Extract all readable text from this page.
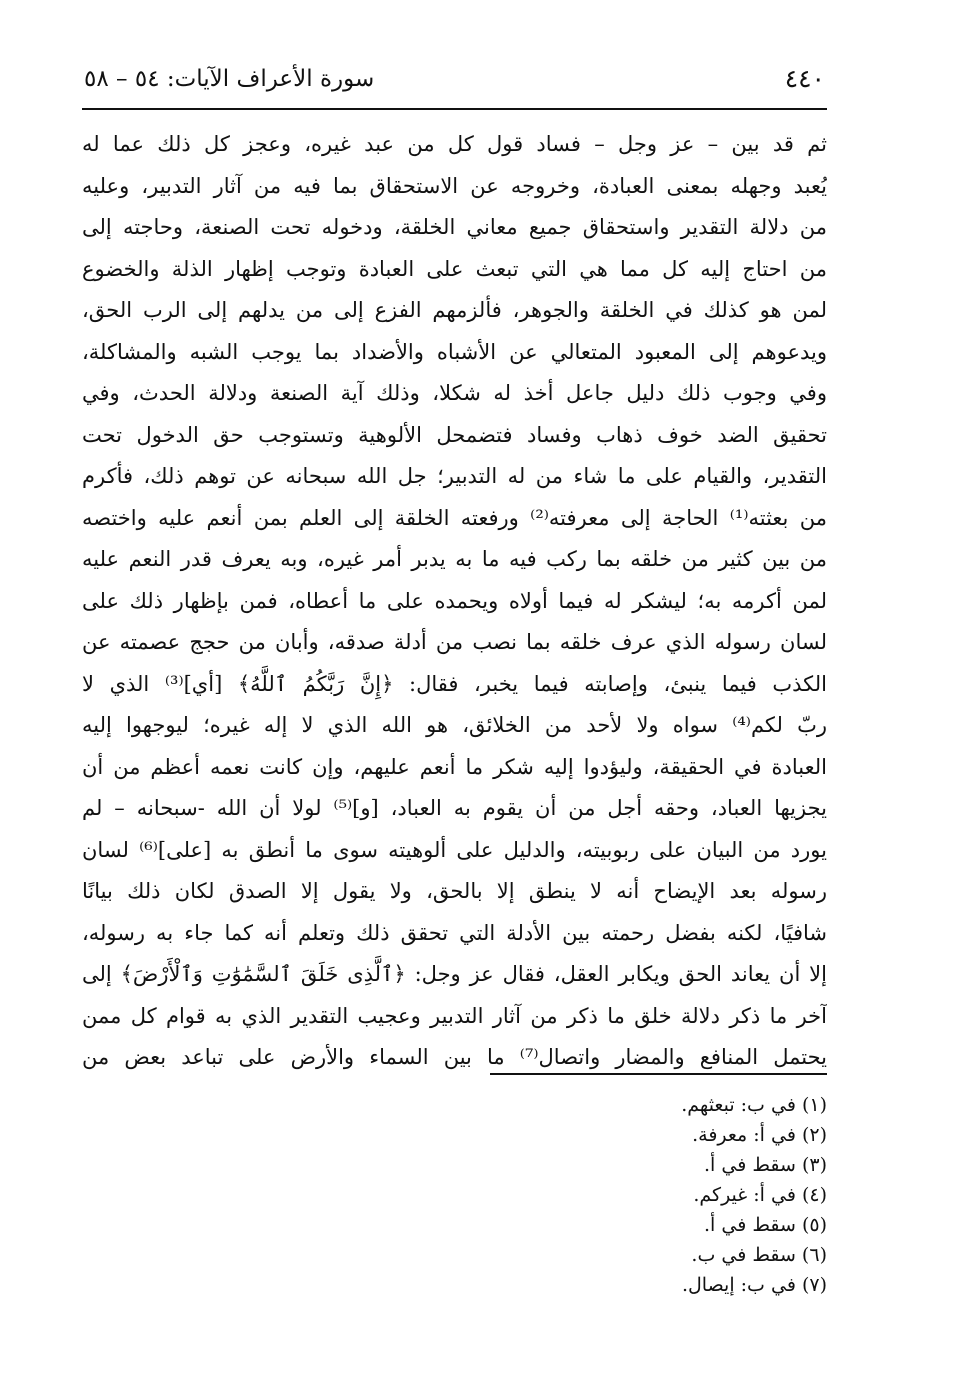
٤٤٠
سورة الأعراف الآيات: ٥٤ – ٥٨
ثم قد بين – عز وجل – فساد قول كل من عبد غيره، وعجز كل ذلك عما له
يُعبد وجهله بمعنى العبادة، وخروجه عن الاستحقاق بما فيه من آثار التدبير، وعليه
من دلالة التقدير واستحقاق جميع معاني الخلقة، ودخوله تحت الصنعة، وحاجته إلى
من احتاج إليه كل مما هي التي تبعث على العبادة وتوجب إظهار الذلة والخضوع
لمن هو كذلك في الخلقة والجوهر، فألزمهم الفزع إلى من يدلهم إلى الرب الحق،
ويدعوهم إلى المعبود المتعالي عن الأشباه والأضداد بما يوجب الشبه والمشاكلة،
وفي وجوب ذلك دليل جاعل أخذ له شكلا، وذلك آية الصنعة ودلالة الحدث، وفي
تحقيق الضد خوف ذهاب وفساد فتضمحل الألوهية وتستوجب حق الدخول تحت
التقدير، والقيام على ما شاء من له التدبير؛ جل الله سبحانه عن توهم ذلك، فأكرم
من بعثته⁽¹⁾ الحاجة إلى معرفته⁽²⁾ ورفعته الخلقة إلى العلم بمن أنعم عليه واختصه
من بين كثير من خلقه بما ركب فيه ما به يدبر أمر غيره، وبه يعرف قدر النعم عليه
لمن أكرمه به؛ ليشكر له فيما أولاه ويحمده على ما أعطاه، فمن بإظهار ذلك على
لسان رسوله الذي عرف خلقه بما نصب من أدلة صدقه، وأبان من حجج عصمته عن
الكذب فيما ينبئ، وإصابته فيما يخبر، فقال: ﴿إِنَّ رَبَّكُمُ ٱللَّهُ﴾ [أي]⁽³⁾ الذي لا
ربّ لكم⁽⁴⁾ سواه ولا لأحد من الخلائق، هو الله الذي لا إله غيره؛ ليوجهوا إليه
العبادة في الحقيقة، وليؤدوا إليه شكر ما أنعم عليهم، وإن كانت نعمه أعظم من أن
يجزيها العباد، وحقه أجل من أن يقوم به العباد، [و]⁽⁵⁾ لولا أن الله -سبحانه – لم
يورد من البيان على ربوبيته، والدليل على ألوهيته سوى ما أنطق به [على]⁽⁶⁾ لسان
رسوله بعد الإيضاح أنه لا ينطق إلا بالحق، ولا يقول إلا الصدق لكان ذلك بيانًا
شافيًا، لكنه بفضل رحمته بين الأدلة التي تحقق ذلك وتعلم أنه كما جاء به رسوله،
إلا أن يعاند الحق ويكابر العقل، فقال عز وجل: ﴿ٱلَّذِى خَلَقَ ٱلسَّمَٰوَٰتِ وَٱلْأَرْضَ﴾ إلى
آخر ما ذكر دلالة خلق ما ذكر من آثار التدبير وعجيب التقدير الذي به قوام كل ممن
يحتمل المنافع والمضار واتصال⁽⁷⁾ ما بين السماء والأرض على تباعد بعض من
(١) في ب: تبعثهم.
(٢) في أ: معرفة.
(٣) سقط في أ.
(٤) في أ: غيركم.
(٥) سقط في أ.
(٦) سقط في ب.
(٧) في ب: إيصال.
